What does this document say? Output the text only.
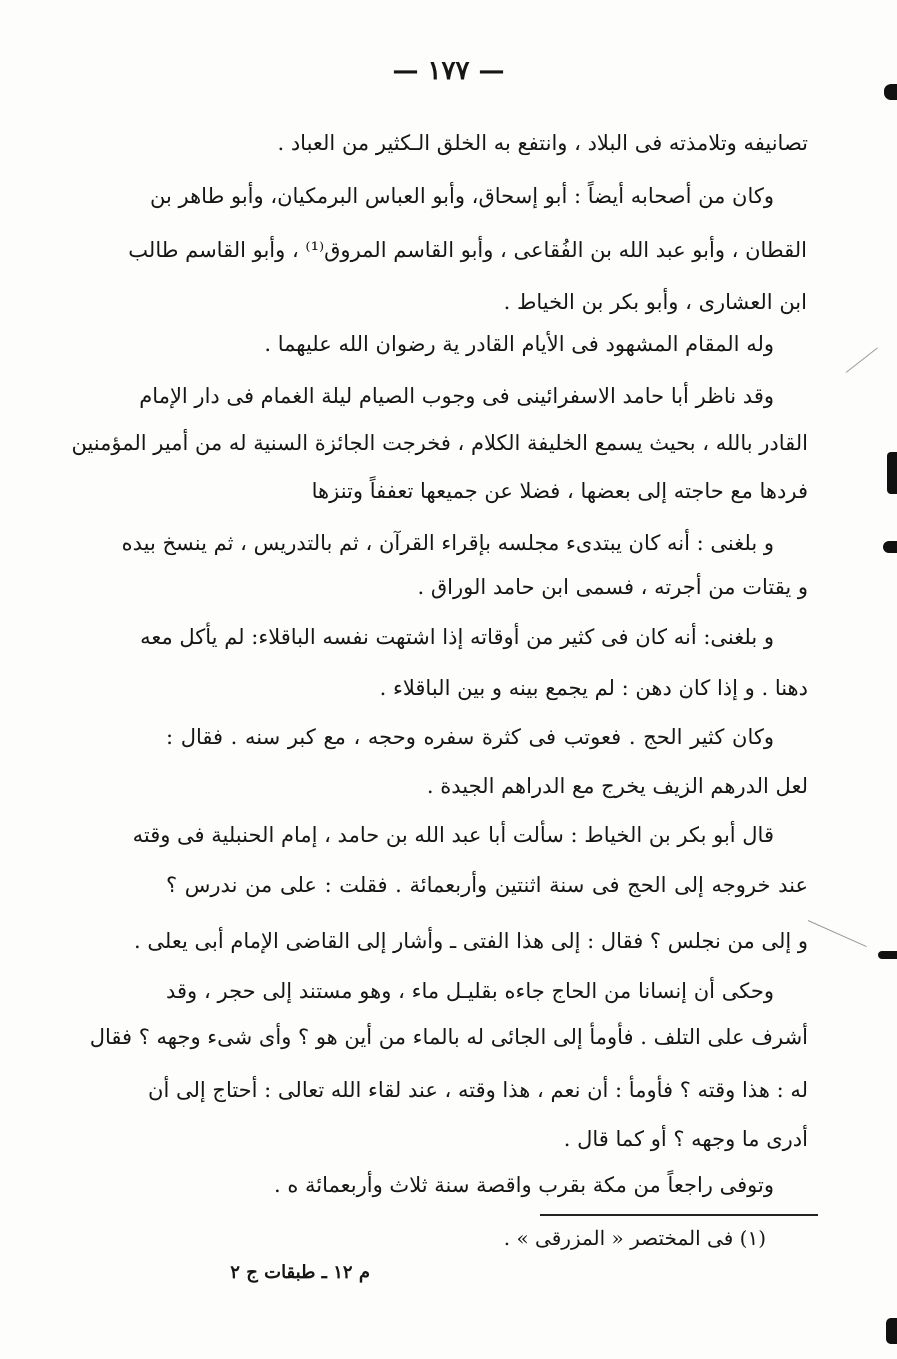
— ١٧٧ —
تصانيفه وتلامذته فى البلاد ، وانتفع به الخلق الـكثير من العباد .
وكان من أصحابه أيضاً : أبو إسحاق، وأبو العباس البرمكيان، وأبو طاهر بن
القطان ، وأبو عبد الله بن الفُقاعى ، وأبو القاسم المروق⁽¹⁾ ، وأبو القاسم طالب
ابن العشارى ، وأبو بكر بن الخياط .
وله المقام المشهود فى الأيام القادر ية رضوان الله عليهما .
وقد ناظر أبا حامد الاسفرائينى فى وجوب الصيام ليلة الغمام فى دار الإمام
القادر بالله ، بحيث يسمع الخليفة الكلام ، فخرجت الجائزة السنية له من أمير المؤمنين
فردها مع حاجته إلى بعضها ، فضلا عن جميعها تعففاً وتنزها
و بلغنى : أنه كان يبتدىء مجلسه بإقراء القرآن ، ثم بالتدريس ، ثم ينسخ بيده
و يقتات من أجرته ، فسمى ابن حامد الوراق .
و بلغنى: أنه كان فى كثير من أوقاته إذا اشتهت نفسه الباقلاء: لم يأكل معه
دهنا . و إذا كان دهن : لم يجمع بينه و بين الباقلاء .
وكان كثير الحج . فعوتب فى كثرة سفره وحجه ، مع كبر سنه . فقال :
لعل الدرهم الزيف يخرج مع الدراهم الجيدة .
قال أبو بكر بن الخياط : سألت أبا عبد الله بن حامد ، إمام الحنبلية فى وقته
عند خروجه إلى الحج فى سنة اثنتين وأربعمائة . فقلت : على من ندرس ؟
و إلى من نجلس ؟ فقال : إلى هذا الفتى ـ وأشار إلى القاضى الإمام أبى يعلى .
وحكى أن إنسانا من الحاج جاءه بقليـل ماء ، وهو مستند إلى حجر ، وقد
أشرف على التلف . فأومأ إلى الجائى له بالماء من أين هو ؟ وأى شىء وجهه ؟ فقال
له : هذا وقته ؟ فأومأ : أن نعم ، هذا وقته ، عند لقاء الله تعالى : أحتاج إلى أن
أدرى ما وجهه ؟ أو كما قال .
وتوفى راجعاً من مكة بقرب واقصة سنة ثلاث وأربعمائة ه .
(١) فى المختصر « المزرقى » .
م ١٢ ـ طبقات ج ٢
